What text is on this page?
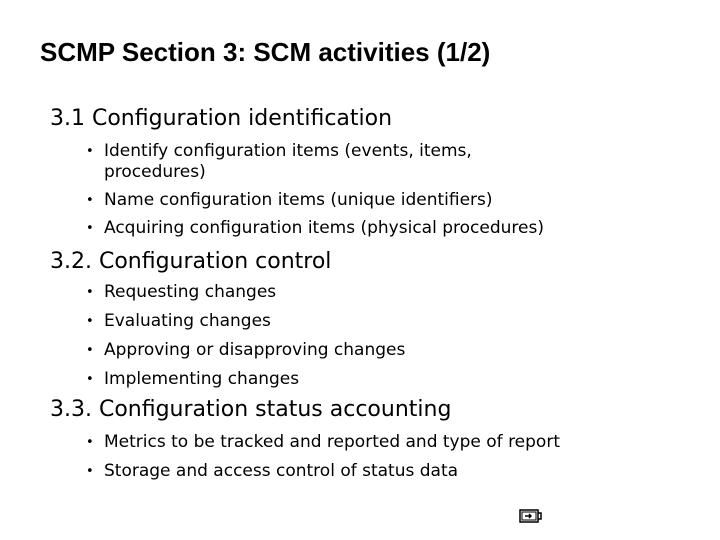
SCMP Section 3: SCM activities (1/2)
3.1 Configuration identification
• Identify configuration items (events, items,
procedures)
• Name configuration items (unique identifiers)
• Acquiring configuration items (physical procedures)
3.2. Configuration control
• Requesting changes
• Evaluating changes
• Approving or disapproving changes
• Implementing changes
3.3. Configuration status accounting
• Metrics to be tracked and reported and type of report
• Storage and access control of status data
